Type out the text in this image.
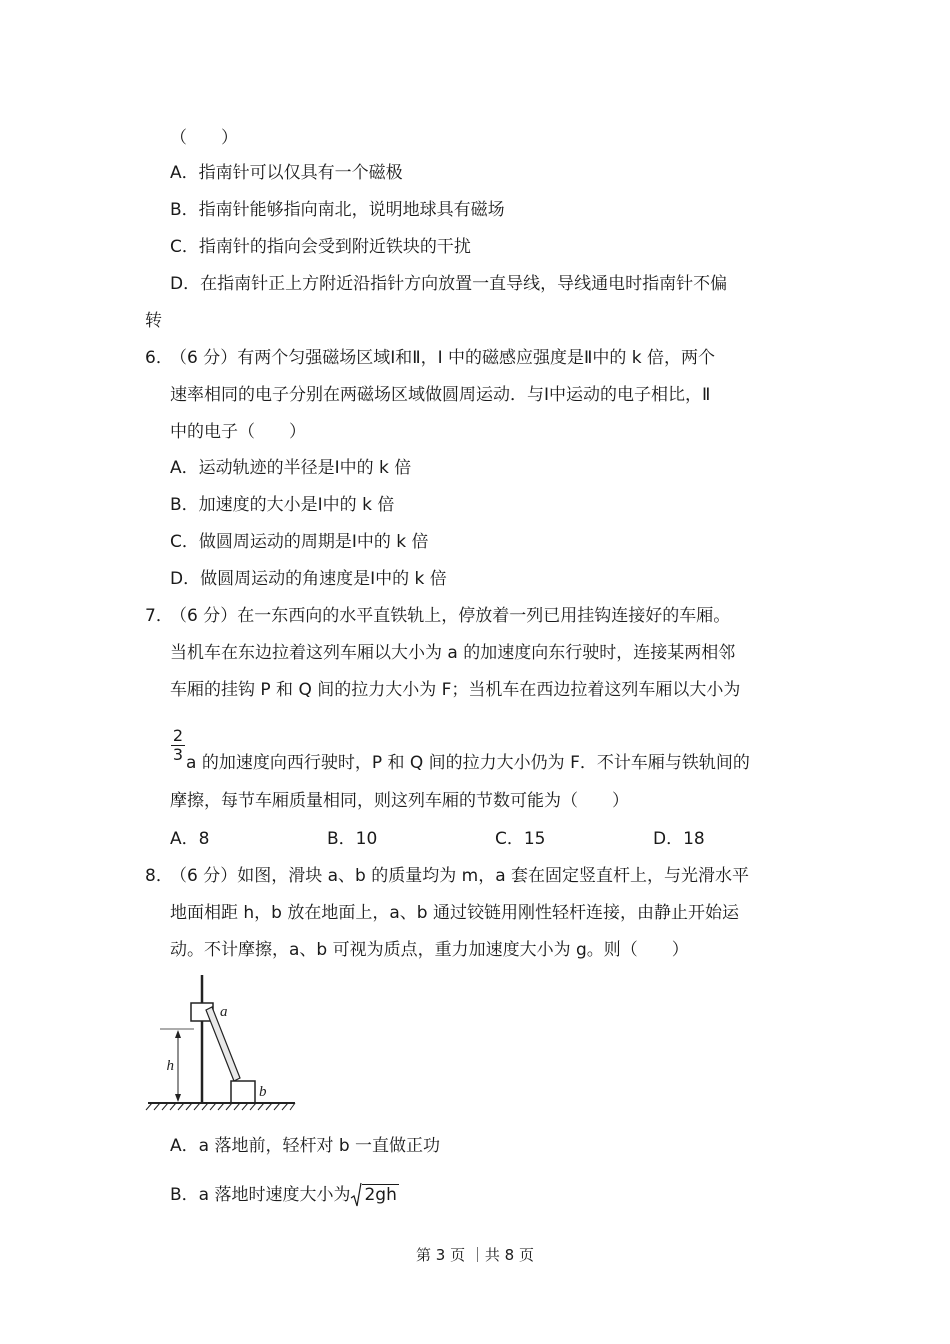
（　　）
A．指南针可以仅具有一个磁极
B．指南针能够指向南北，说明地球具有磁场
C．指南针的指向会受到附近铁块的干扰
D．在指南针正上方附近沿指针方向放置一直导线，导线通电时指南针不偏
转
6．
（6 分）有两个匀强磁场区域Ⅰ和Ⅱ，I 中的磁感应强度是Ⅱ中的 k 倍，两个
速率相同的电子分别在两磁场区域做圆周运动．与Ⅰ中运动的电子相比，Ⅱ
中的电子（　　）
A．运动轨迹的半径是Ⅰ中的 k 倍
B．加速度的大小是Ⅰ中的 k 倍
C．做圆周运动的周期是Ⅰ中的 k 倍
D．做圆周运动的角速度是Ⅰ中的 k 倍
7．
（6 分）在一东西向的水平直铁轨上，停放着一列已用挂钩连接好的车厢。
当机车在东边拉着这列车厢以大小为 a 的加速度向东行驶时，连接某两相邻
车厢的挂钩 P 和 Q 间的拉力大小为 F；当机车在西边拉着这列车厢以大小为
2
3 a 的加速度向西行驶时，P 和 Q 间的拉力大小仍为 F．不计车厢与铁轨间的
摩擦，每节车厢质量相同，则这列车厢的节数可能为（　　）
A．8	B．10	C．15	D．18
8．
（6 分）如图，滑块 a、b 的质量均为 m，a 套在固定竖直杆上，与光滑水平
地面相距 h，b 放在地面上，a、b 通过铰链用刚性轻杆连接，由静止开始运
动。不计摩擦，a、b 可视为质点，重力加速度大小为 g。则（　　）
h
a
b
A．a 落地前，轻杆对 b 一直做正功
B．a 落地时速度大小为 2gh
第 3 页 ｜共 8 页
